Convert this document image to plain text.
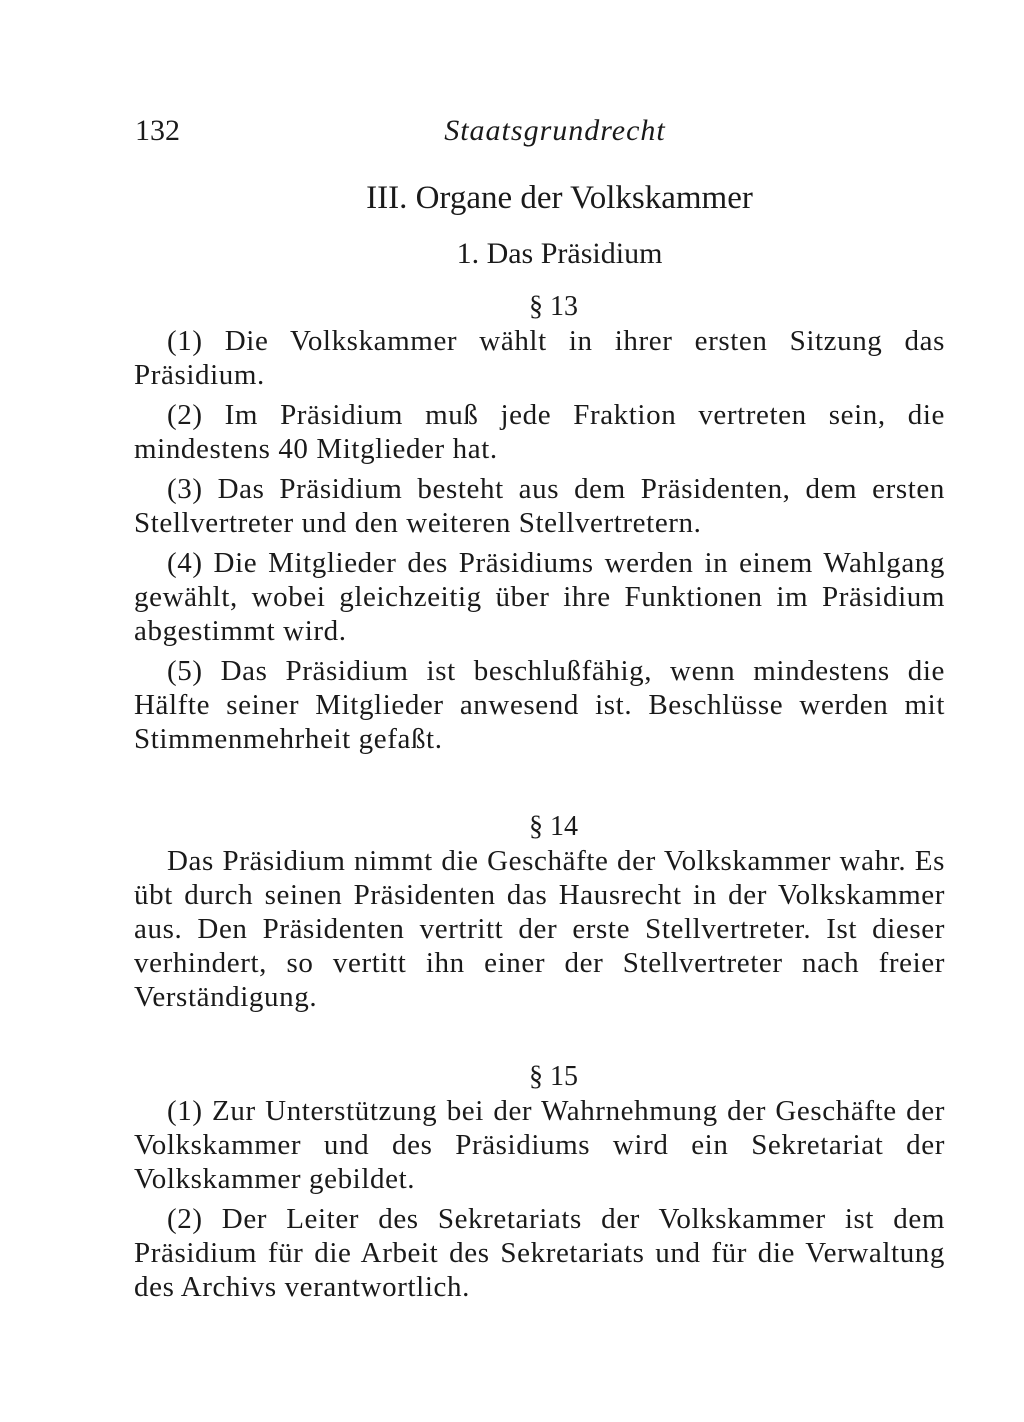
132	Staatsgrundrecht
III. Organe der Volkskammer
1. Das Präsidium
§ 13

(1) Die Volkskammer wählt in ihrer ersten Sitzung das Präsidium.

(2) Im Präsidium muß jede Fraktion vertreten sein, die mindestens 40 Mitglieder hat.

(3) Das Präsidium besteht aus dem Präsidenten, dem ersten Stellvertreter und den weiteren Stellvertretern.

(4) Die Mitglieder des Präsidiums werden in einem Wahlgang gewählt, wobei gleichzeitig über ihre Funktionen im Präsidium abgestimmt wird.

(5) Das Präsidium ist beschlußfähig, wenn mindestens die Hälfte seiner Mitglieder anwesend ist. Beschlüsse werden mit Stimmenmehrheit gefaßt.

§ 14

Das Präsidium nimmt die Geschäfte der Volkskammer wahr. Es übt durch seinen Präsidenten das Hausrecht in der Volkskammer aus. Den Präsidenten vertritt der erste Stellvertreter. Ist dieser verhindert, so vertitt ihn einer der Stellvertreter nach freier Verständigung.

§ 15

(1) Zur Unterstützung bei der Wahrnehmung der Geschäfte der Volkskammer und des Präsidiums wird ein Sekretariat der Volkskammer gebildet.

(2) Der Leiter des Sekretariats der Volkskammer ist dem Präsidium für die Arbeit des Sekretariats und für die Verwaltung des Archivs verantwortlich.
